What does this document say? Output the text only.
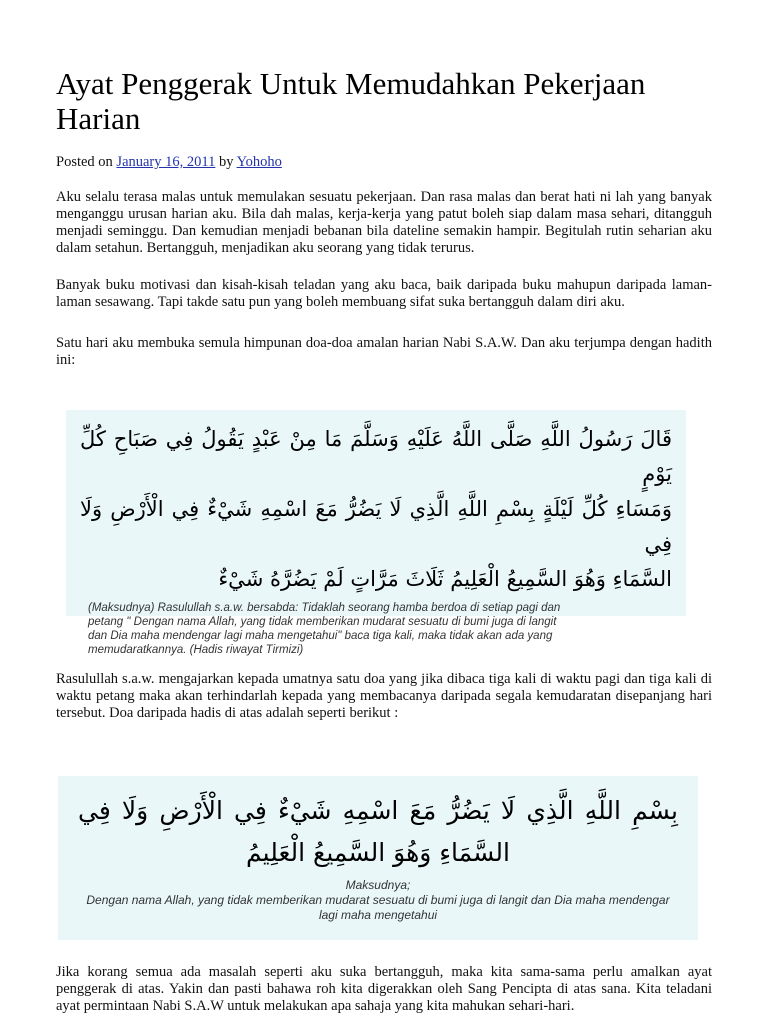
Ayat Penggerak Untuk Memudahkan Pekerjaan Harian
Posted on January 16, 2011 by Yohoho

Aku selalu terasa malas untuk memulakan sesuatu pekerjaan. Dan rasa malas dan berat hati ni lah yang banyak menganggu urusan harian aku. Bila dah malas, kerja-kerja yang patut boleh siap dalam masa sehari, ditangguh menjadi seminggu. Dan kemudian menjadi bebanan bila dateline semakin hampir. Begitulah rutin seharian aku dalam setahun. Bertangguh, menjadikan aku seorang yang tidak terurus.

Banyak buku motivasi dan kisah-kisah teladan yang aku baca, baik daripada buku mahupun daripada laman-laman sesawang. Tapi takde satu pun yang boleh membuang sifat suka bertangguh dalam diri aku.

Satu hari aku membuka semula himpunan doa-doa amalan harian Nabi S.A.W. Dan aku terjumpa dengan hadith ini:

قَالَ رَسُولُ اللَّهِ صَلَّى اللَّهُ عَلَيْهِ وَسَلَّمَ مَا مِنْ عَبْدٍ يَقُولُ فِي صَبَاحِ كُلِّ يَوْمٍ

وَمَسَاءِ كُلِّ لَيْلَةٍ بِسْمِ اللَّهِ الَّذِي لَا يَضُرُّ مَعَ اسْمِهِ شَيْءٌ فِي الْأَرْضِ وَلَا فِي

السَّمَاءِ وَهُوَ السَّمِيعُ الْعَلِيمُ ثَلَاثَ مَرَّاتٍ لَمْ يَضُرَّهُ شَيْءٌ

(Maksudnya) Rasulullah s.a.w. bersabda: Tidaklah seorang hamba berdoa di setiap pagi dan petang " Dengan nama Allah, yang tidak memberikan mudarat sesuatu di bumi juga di langit dan Dia maha mendengar lagi maha mengetahui" baca tiga kali, maka tidak akan ada yang memudaratkannya. (Hadis riwayat Tirmizi)

Rasulullah s.a.w. mengajarkan kepada umatnya satu doa yang jika dibaca tiga kali di waktu pagi dan tiga kali di waktu petang maka akan terhindarlah kepada yang membacanya daripada segala kemudaratan disepanjang hari tersebut. Doa daripada hadis di atas adalah seperti berikut :

بِسْمِ اللَّهِ الَّذِي لَا يَضُرُّ مَعَ اسْمِهِ شَيْءٌ فِي الْأَرْضِ وَلَا فِي

السَّمَاءِ وَهُوَ السَّمِيعُ الْعَلِيمُ

Maksudnya;

Dengan nama Allah, yang tidak memberikan mudarat sesuatu di bumi juga di langit dan Dia maha mendengar lagi maha mengetahui

Jika korang semua ada masalah seperti aku suka bertangguh, maka kita sama-sama perlu amalkan ayat penggerak di atas. Yakin dan pasti bahawa roh kita digerakkan oleh Sang Pencipta di atas sana. Kita teladani ayat permintaan Nabi S.A.W untuk melakukan apa sahaja yang kita mahukan sehari-hari.
